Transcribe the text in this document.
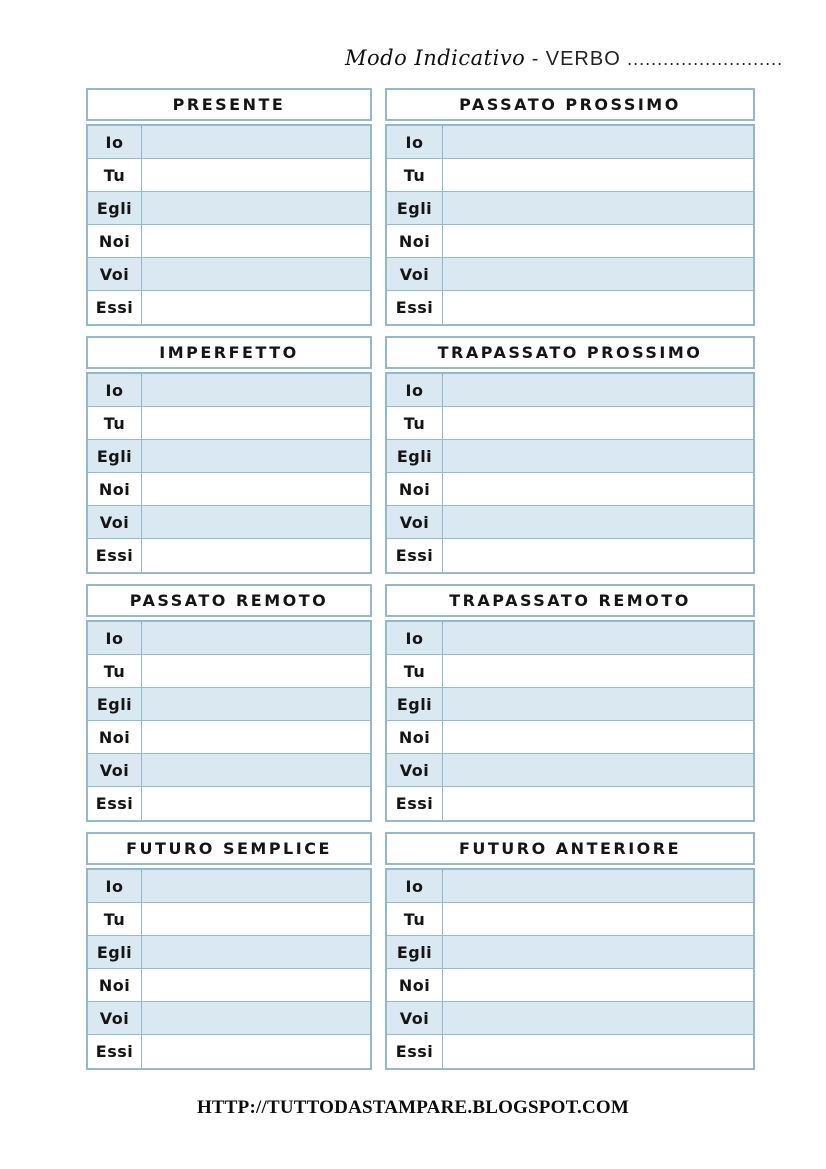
Modo Indicativo - VERBO ..........................
PRESENTE
Io
Tu
Egli
Noi
Voi
Essi
PASSATO PROSSIMO
Io
Tu
Egli
Noi
Voi
Essi
IMPERFETTO
Io
Tu
Egli
Noi
Voi
Essi
TRAPASSATO PROSSIMO
Io
Tu
Egli
Noi
Voi
Essi
PASSATO REMOTO
Io
Tu
Egli
Noi
Voi
Essi
TRAPASSATO REMOTO
Io
Tu
Egli
Noi
Voi
Essi
FUTURO SEMPLICE
Io
Tu
Egli
Noi
Voi
Essi
FUTURO ANTERIORE
Io
Tu
Egli
Noi
Voi
Essi
HTTP://TUTTODASTAMPARE.BLOGSPOT.COM
